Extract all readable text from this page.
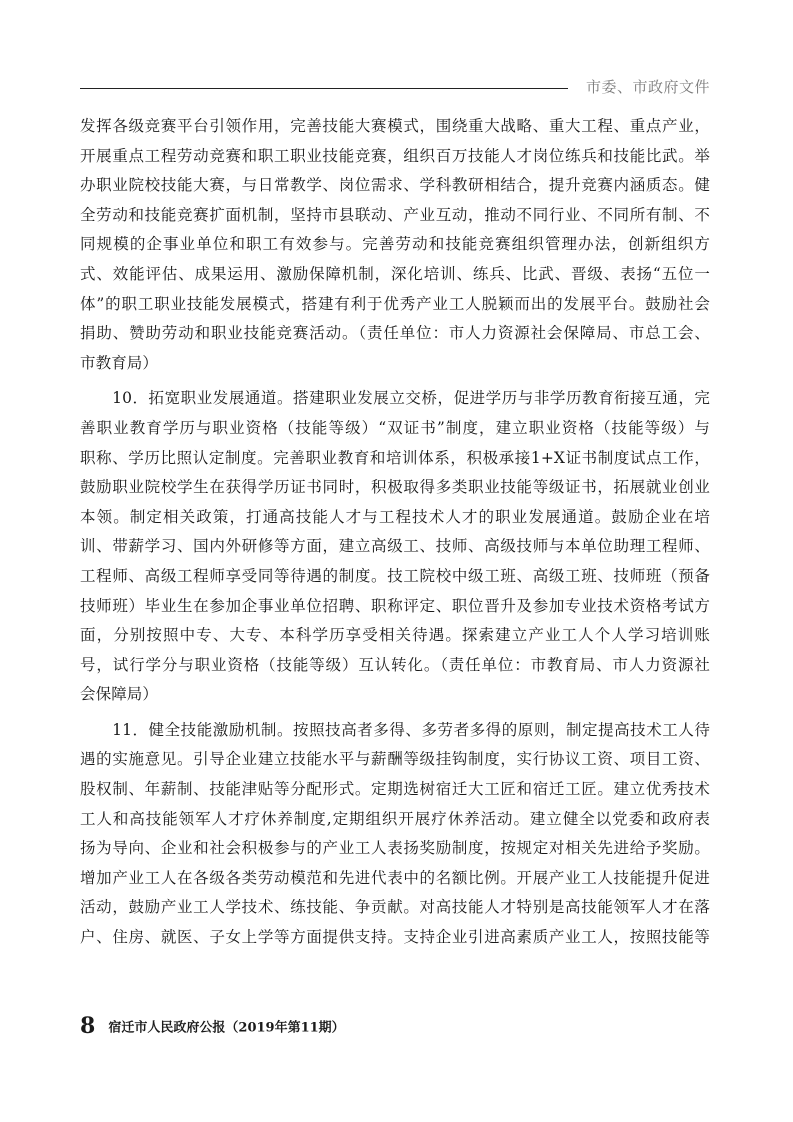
市委、市政府文件
发挥各级竞赛平台引领作用，完善技能大赛模式，围绕重大战略、重大工程、重点产业，
开展重点工程劳动竞赛和职工职业技能竞赛，组织百万技能人才岗位练兵和技能比武。举
办职业院校技能大赛，与日常教学、岗位需求、学科教研相结合，提升竞赛内涵质态。健
全劳动和技能竞赛扩面机制，坚持市县联动、产业互动，推动不同行业、不同所有制、不
同规模的企事业单位和职工有效参与。完善劳动和技能竞赛组织管理办法，创新组织方
式、效能评估、成果运用、激励保障机制，深化培训、练兵、比武、晋级、表扬“五位一
体”的职工职业技能发展模式，搭建有利于优秀产业工人脱颖而出的发展平台。鼓励社会
捐助、赞助劳动和职业技能竞赛活动。（责任单位：市人力资源社会保障局、市总工会、
市教育局）
　　10．拓宽职业发展通道。搭建职业发展立交桥，促进学历与非学历教育衔接互通，完
善职业教育学历与职业资格（技能等级）“双证书”制度，建立职业资格（技能等级）与
职称、学历比照认定制度。完善职业教育和培训体系，积极承接1+X证书制度试点工作，
鼓励职业院校学生在获得学历证书同时，积极取得多类职业技能等级证书，拓展就业创业
本领。制定相关政策，打通高技能人才与工程技术人才的职业发展通道。鼓励企业在培
训、带薪学习、国内外研修等方面，建立高级工、技师、高级技师与本单位助理工程师、
工程师、高级工程师享受同等待遇的制度。技工院校中级工班、高级工班、技师班（预备
技师班）毕业生在参加企事业单位招聘、职称评定、职位晋升及参加专业技术资格考试方
面，分别按照中专、大专、本科学历享受相关待遇。探索建立产业工人个人学习培训账
号，试行学分与职业资格（技能等级）互认转化。（责任单位：市教育局、市人力资源社
会保障局）
　　11．健全技能激励机制。按照技高者多得、多劳者多得的原则，制定提高技术工人待
遇的实施意见。引导企业建立技能水平与薪酬等级挂钩制度，实行协议工资、项目工资、
股权制、年薪制、技能津贴等分配形式。定期选树宿迁大工匠和宿迁工匠。建立优秀技术
工人和高技能领军人才疗休养制度,定期组织开展疗休养活动。建立健全以党委和政府表
扬为导向、企业和社会积极参与的产业工人表扬奖励制度，按规定对相关先进给予奖励。
增加产业工人在各级各类劳动模范和先进代表中的名额比例。开展产业工人技能提升促进
活动，鼓励产业工人学技术、练技能、争贡献。对高技能人才特别是高技能领军人才在落
户、住房、就医、子女上学等方面提供支持。支持企业引进高素质产业工人，按照技能等
8 宿迁市人民政府公报（2019年第11期）
